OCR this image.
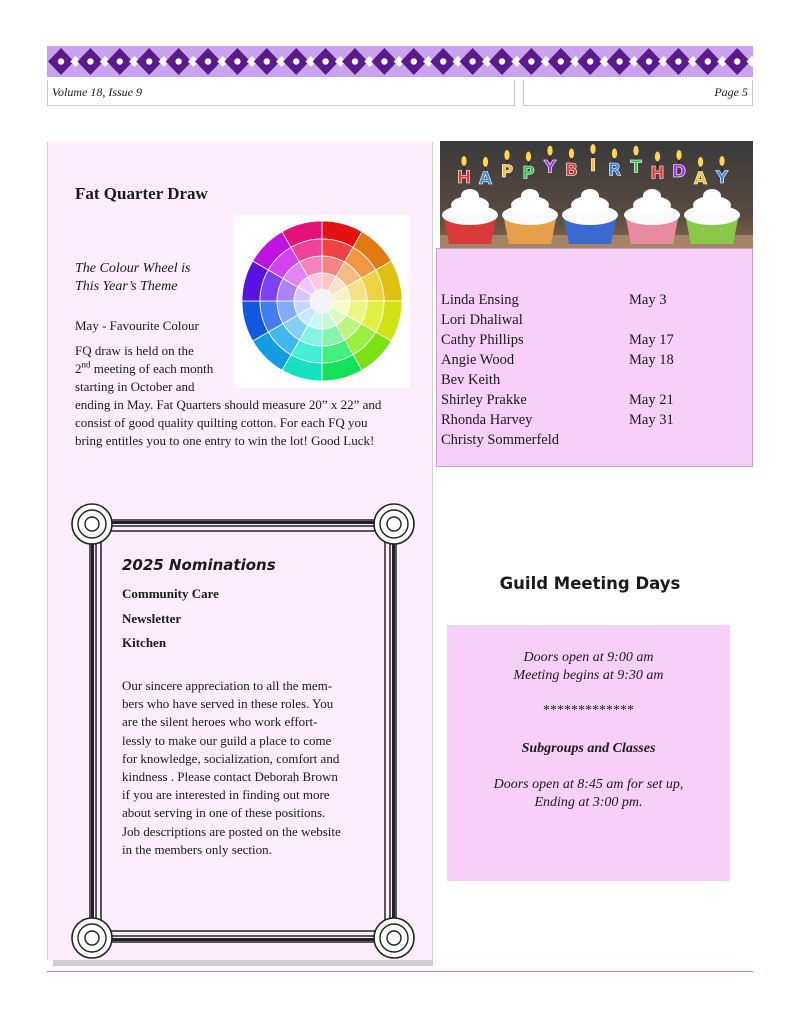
Volume 18, Issue 9	Page 5
Fat Quarter Draw
The Colour Wheel is
This Year’s Theme
May - Favourite Colour
FQ draw is held on the
2nd meeting of each month
starting in October and
ending in May. Fat Quarters should measure 20” x 22” and
consist of good quality quilting cotton. For each FQ you
bring entitles you to one entry to win the lot! Good Luck!
2025 Nominations
Community Care
Newsletter
Kitchen
Our sincere appreciation to all the mem-
bers who have served in these roles. You
are the silent heroes who work effort-
lessly to make our guild a place to come
for knowledge, socialization, comfort and
kindness . Please contact Deborah Brown
if you are interested in finding out more
about serving in one of these positions.
Job descriptions are posted on the website
in the members only section.
H A P P Y B I R T H D A Y
Linda Ensing	May 3
Lori Dhaliwal
Cathy Phillips	May 17
Angie Wood	May 18
Bev Keith
Shirley Prakke	May 21
Rhonda Harvey	May 31
Christy Sommerfeld
Guild Meeting Days
Doors open at 9:00 am
Meeting begins at 9:30 am
*************
Subgroups and Classes
Doors open at 8:45 am for set up,
Ending at 3:00 pm.
